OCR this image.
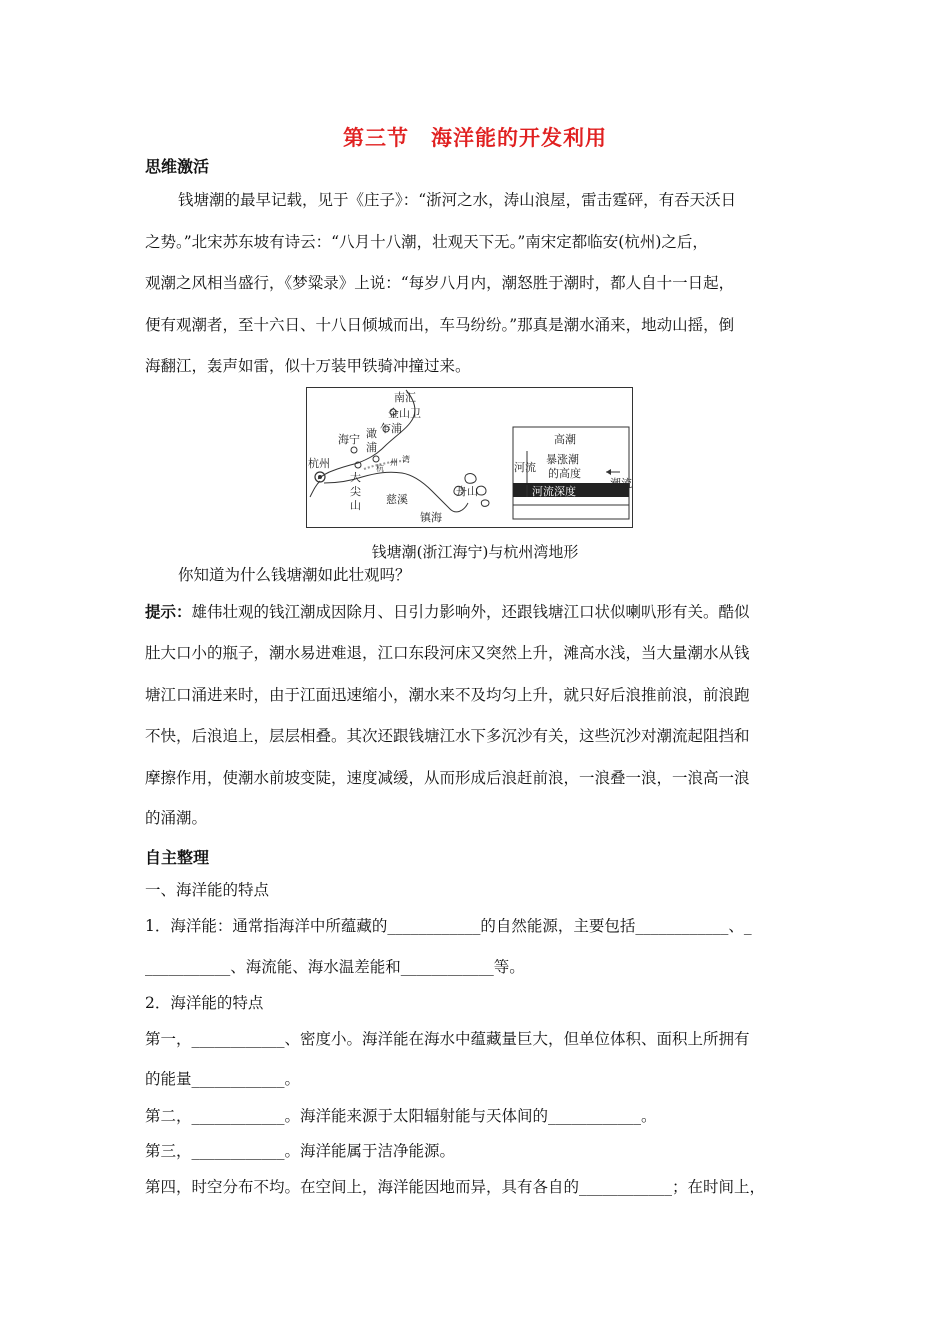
第三节　海洋能的开发利用
思维激活
钱塘潮的最早记载，见于《庄子》：“浙河之水，涛山浪屋，雷击霆砰，有吞天沃日
之势。”北宋苏东坡有诗云：“八月十八潮，壮观天下无。”南宋定都临安(杭州)之后，
观潮之风相当盛行，《梦粱录》上说：“每岁八月内，潮怒胜于潮时，都人自十一日起，
便有观潮者，至十六日、十八日倾城而出，车马纷纷。”那真是潮水涌来，地动山摇，倒
海翻江，轰声如雷，似十万装甲铁骑冲撞过来。
南汇
金山卫
乍浦
海宁 澉
浦
杭州	杭
州 湾
大
尖
山 慈溪
舟山
镇海
高潮
河流
暴涨潮
的高度
潮 流
河流深度
钱塘潮(浙江海宁)与杭州湾地形
你知道为什么钱塘潮如此壮观吗？
提示：雄伟壮观的钱江潮成因除月、日引力影响外，还跟钱塘江口状似喇叭形有关。酷似
肚大口小的瓶子，潮水易进难退，江口东段河床又突然上升，滩高水浅，当大量潮水从钱
塘江口涌进来时，由于江面迅速缩小，潮水来不及均匀上升，就只好后浪推前浪，前浪跑
不快，后浪追上，层层相叠。其次还跟钱塘江水下多沉沙有关，这些沉沙对潮流起阻挡和
摩擦作用，使潮水前坡变陡，速度减缓，从而形成后浪赶前浪，一浪叠一浪，一浪高一浪
的涌潮。
自主整理
一、海洋能的特点
1．海洋能：通常指海洋中所蕴藏的____________的自然能源，主要包括____________、_
___________、海流能、海水温差能和____________等。
2．海洋能的特点
第一，____________、密度小。海洋能在海水中蕴藏量巨大，但单位体积、面积上所拥有
的能量____________。
第二，____________。海洋能来源于太阳辐射能与天体间的____________。
第三，____________。海洋能属于洁净能源。
第四，时空分布不均。在空间上，海洋能因地而异，具有各自的____________；在时间上，
